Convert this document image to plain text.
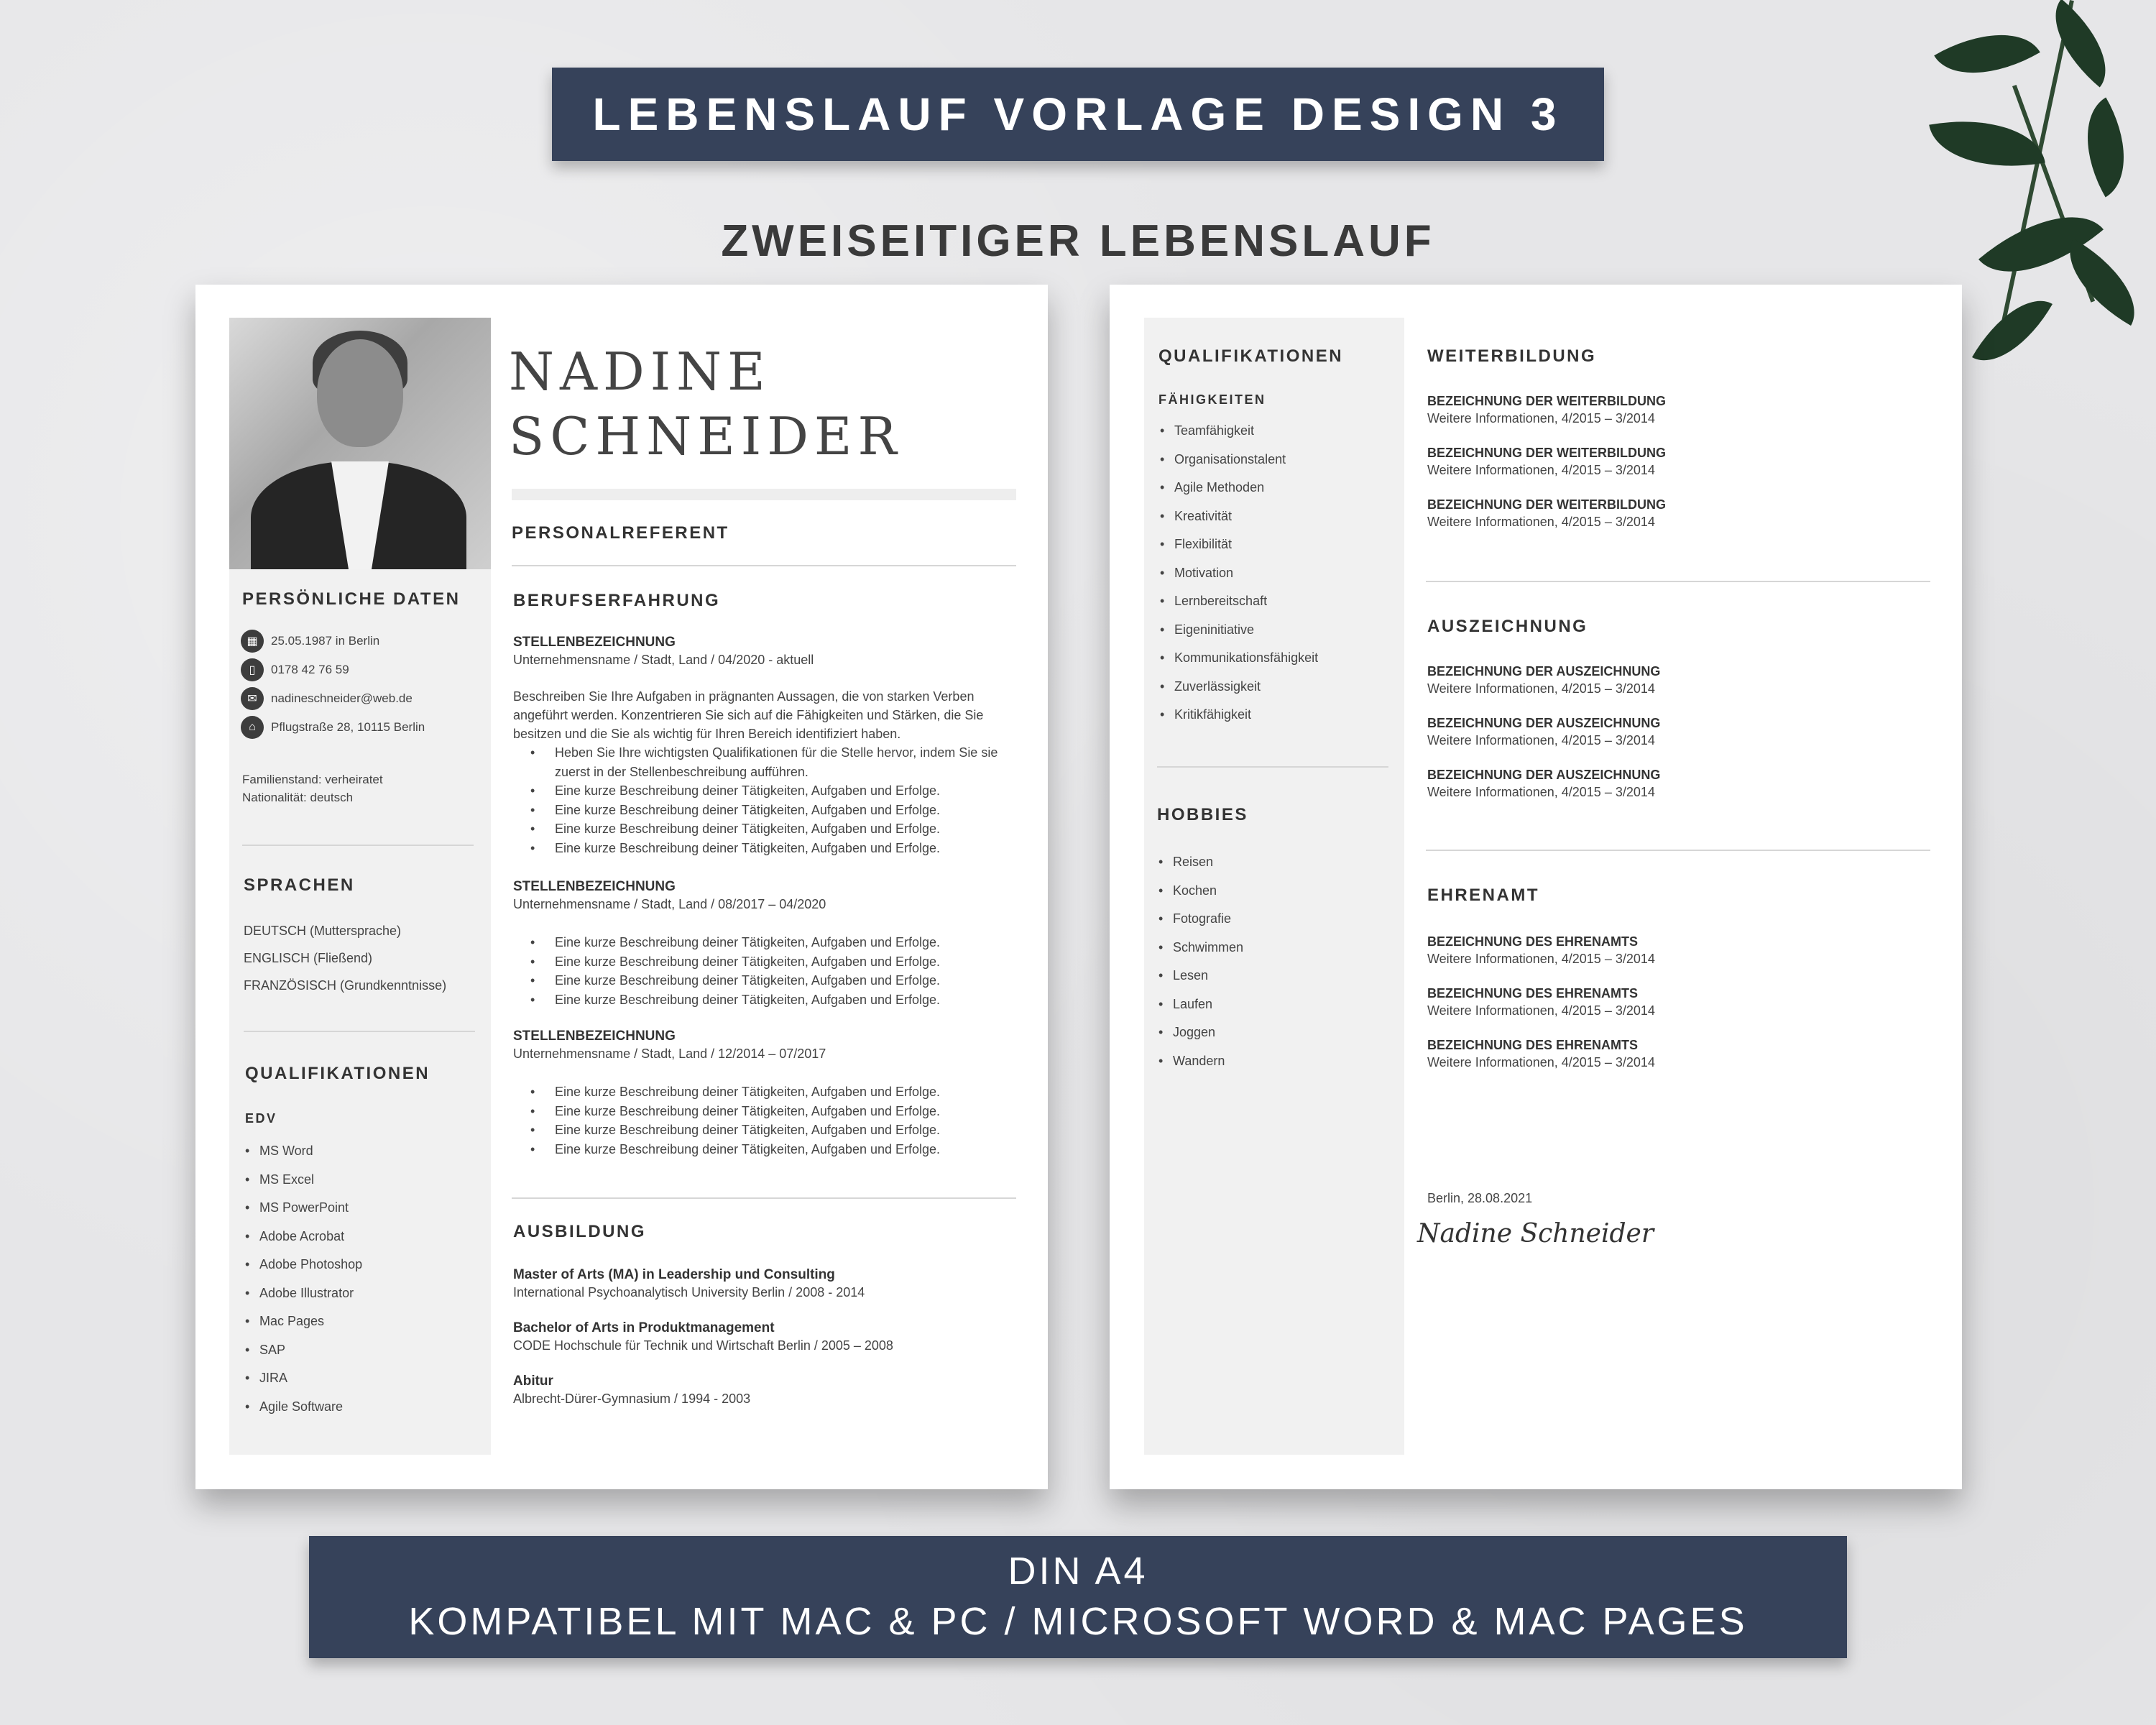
LEBENSLAUF VORLAGE DESIGN 3
ZWEISEITIGER LEBENSLAUF
PERSÖNLICHE DATEN
▦	25.05.1987 in Berlin
▯	0178 42 76 59
✉	nadineschneider@web.de
⌂	Pflugstraße 28, 10115 Berlin
Familienstand: verheiratet
Nationalität: deutsch
SPRACHEN
DEUTSCH (Muttersprache)
ENGLISCH (Fließend)
FRANZÖSISCH (Grundkenntnisse)
QUALIFIKATIONEN
EDV
• MS Word
• MS Excel
• MS PowerPoint
• Adobe Acrobat
• Adobe Photoshop
• Adobe Illustrator
• Mac Pages
• SAP
• JIRA
• Agile Software
NADINE
SCHNEIDER
PERSONALREFERENT
BERUFSERFAHRUNG
STELLENBEZEICHNUNG
Unternehmensname / Stadt, Land / 04/2020 - aktuell
Beschreiben Sie Ihre Aufgaben in prägnanten Aussagen, die von starken Verben angeführt werden. Konzentrieren Sie sich auf die Fähigkeiten und Stärken, die Sie besitzen und die Sie als wichtig für Ihren Bereich identifiziert haben.
• Heben Sie Ihre wichtigsten Qualifikationen für die Stelle hervor, indem Sie sie zuerst in der Stellenbeschreibung aufführen.
• Eine kurze Beschreibung deiner Tätigkeiten, Aufgaben und Erfolge.
• Eine kurze Beschreibung deiner Tätigkeiten, Aufgaben und Erfolge.
• Eine kurze Beschreibung deiner Tätigkeiten, Aufgaben und Erfolge.
• Eine kurze Beschreibung deiner Tätigkeiten, Aufgaben und Erfolge.
STELLENBEZEICHNUNG
Unternehmensname / Stadt, Land / 08/2017 – 04/2020
• Eine kurze Beschreibung deiner Tätigkeiten, Aufgaben und Erfolge.
• Eine kurze Beschreibung deiner Tätigkeiten, Aufgaben und Erfolge.
• Eine kurze Beschreibung deiner Tätigkeiten, Aufgaben und Erfolge.
• Eine kurze Beschreibung deiner Tätigkeiten, Aufgaben und Erfolge.
STELLENBEZEICHNUNG
Unternehmensname / Stadt, Land / 12/2014 – 07/2017
• Eine kurze Beschreibung deiner Tätigkeiten, Aufgaben und Erfolge.
• Eine kurze Beschreibung deiner Tätigkeiten, Aufgaben und Erfolge.
• Eine kurze Beschreibung deiner Tätigkeiten, Aufgaben und Erfolge.
• Eine kurze Beschreibung deiner Tätigkeiten, Aufgaben und Erfolge.
AUSBILDUNG
Master of Arts (MA) in Leadership und Consulting
International Psychoanalytisch University Berlin / 2008 - 2014
Bachelor of Arts in Produktmanagement
CODE Hochschule für Technik und Wirtschaft Berlin / 2005 – 2008
Abitur
Albrecht-Dürer-Gymnasium / 1994 - 2003
QUALIFIKATIONEN
FÄHIGKEITEN
• Teamfähigkeit
• Organisationstalent
• Agile Methoden
• Kreativität
• Flexibilität
• Motivation
• Lernbereitschaft
• Eigeninitiative
• Kommunikationsfähigkeit
• Zuverlässigkeit
• Kritikfähigkeit
HOBBIES
• Reisen
• Kochen
• Fotografie
• Schwimmen
• Lesen
• Laufen
• Joggen
• Wandern
WEITERBILDUNG
BEZEICHNUNG DER WEITERBILDUNG
Weitere Informationen, 4/2015 – 3/2014
BEZEICHNUNG DER WEITERBILDUNG
Weitere Informationen, 4/2015 – 3/2014
BEZEICHNUNG DER WEITERBILDUNG
Weitere Informationen, 4/2015 – 3/2014
AUSZEICHNUNG
BEZEICHNUNG DER AUSZEICHNUNG
Weitere Informationen, 4/2015 – 3/2014
BEZEICHNUNG DER AUSZEICHNUNG
Weitere Informationen, 4/2015 – 3/2014
BEZEICHNUNG DER AUSZEICHNUNG
Weitere Informationen, 4/2015 – 3/2014
EHRENAMT
BEZEICHNUNG DES EHRENAMTS
Weitere Informationen, 4/2015 – 3/2014
BEZEICHNUNG DES EHRENAMTS
Weitere Informationen, 4/2015 – 3/2014
BEZEICHNUNG DES EHRENAMTS
Weitere Informationen, 4/2015 – 3/2014
Berlin, 28.08.2021
Nadine Schneider
DIN A4
KOMPATIBEL MIT MAC & PC / MICROSOFT WORD & MAC PAGES
